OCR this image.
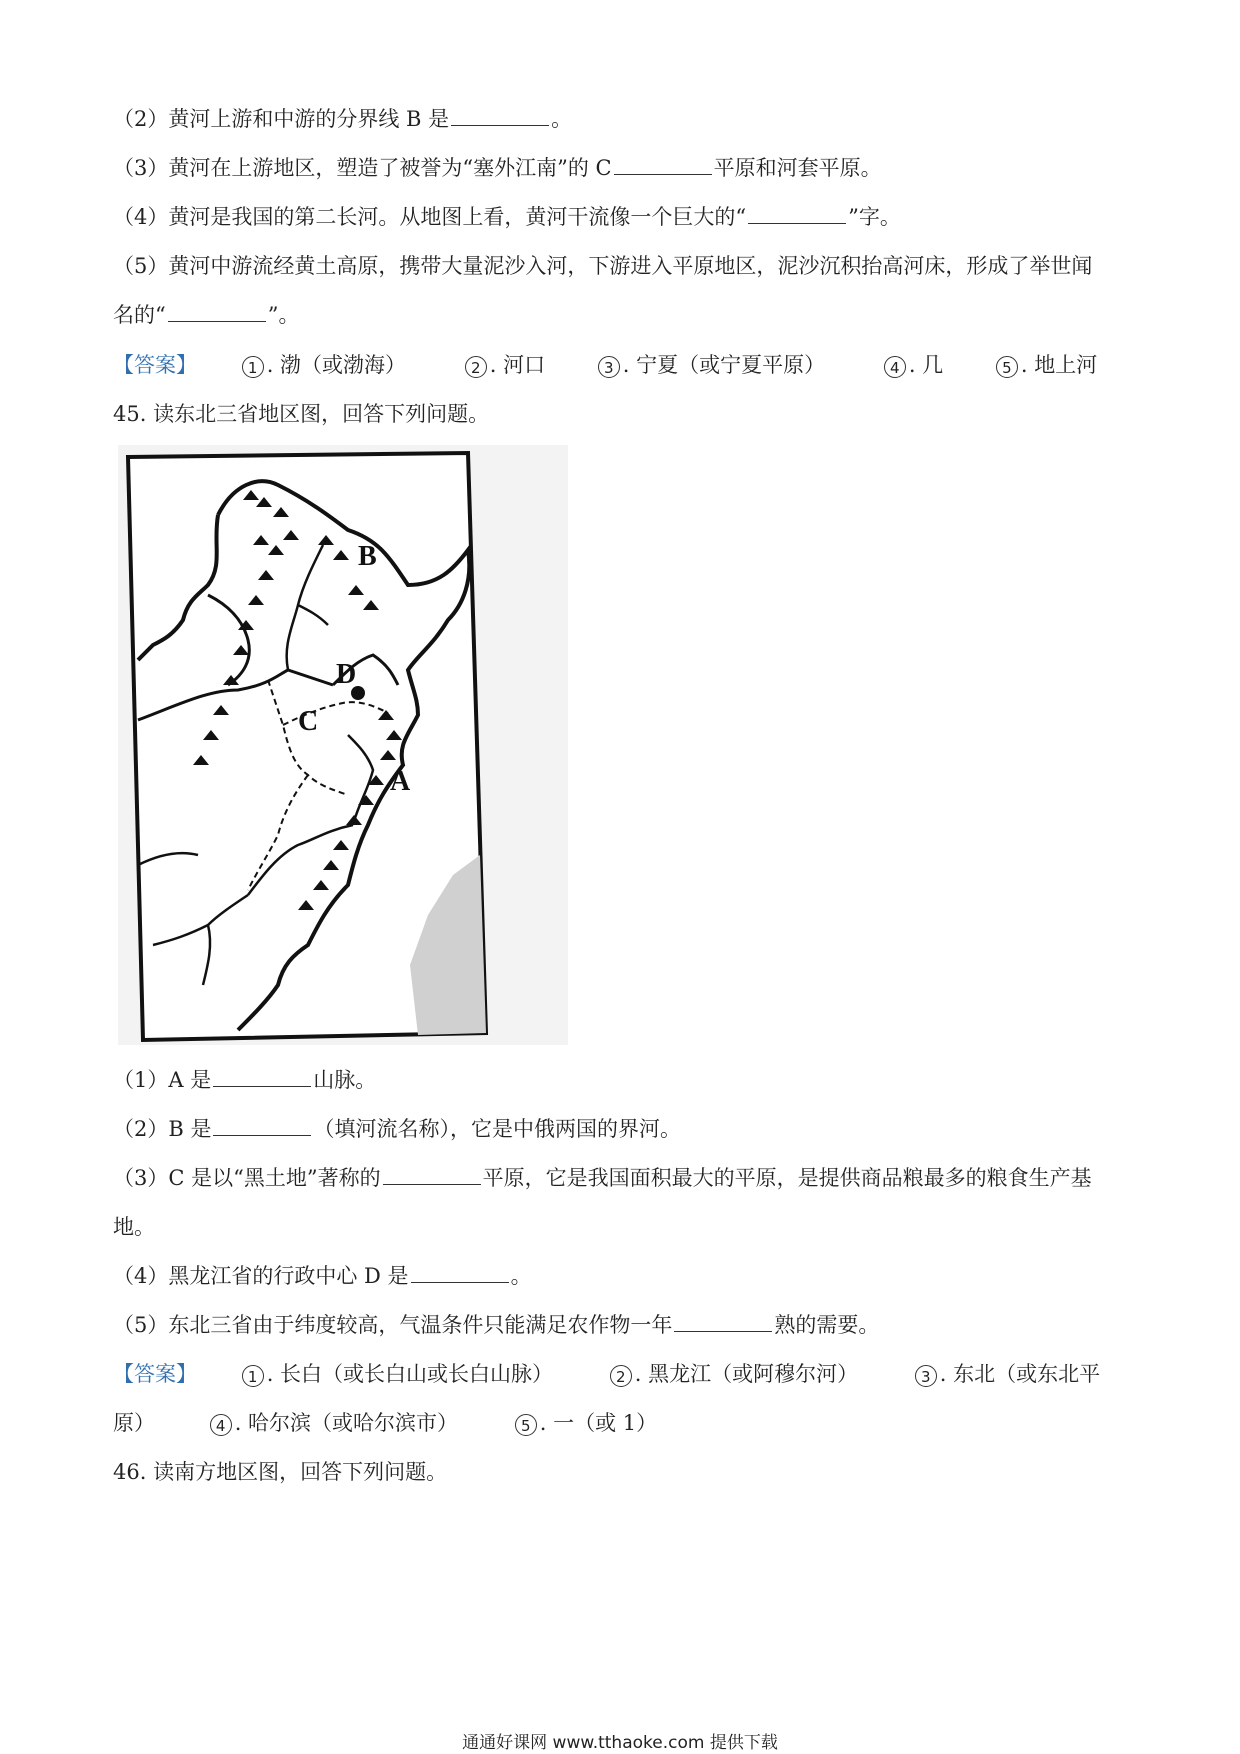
（2）黄河上游和中游的分界线 B 是	。
（3）黄河在上游地区，塑造了被誉为“塞外江南”的 C	平原和河套平原。
（4）黄河是我国的第二长河。从地图上看，黄河干流像一个巨大的“	”字。
（5）黄河中游流经黄土高原，携带大量泥沙入河，下游进入平原地区，泥沙沉积抬高河床，形成了举世闻
名的“	”。
【答案】	1 . 渤（或渤海）	2 . 河口	3 . 宁夏（或宁夏平原）	4 . 几	5 . 地上河
45. 读东北三省地区图，回答下列问题。
B
D
C
A
（1）A 是	山脉。
（2）B 是	（填河流名称），它是中俄两国的界河。
（3）C 是以“黑土地”著称的	平原，它是我国面积最大的平原，是提供商品粮最多的粮食生产基
地。
（4）黑龙江省的行政中心 D 是	。
（5）东北三省由于纬度较高，气温条件只能满足农作物一年	熟的需要。
【答案】	1 . 长白（或长白山或长白山脉）	2 . 黑龙江（或阿穆尔河）	3 . 东北（或东北平
原）	4 . 哈尔滨（或哈尔滨市）	5 . 一（或 1）
46. 读南方地区图，回答下列问题。
通通好课网 www.tthaoke.com 提供下载
